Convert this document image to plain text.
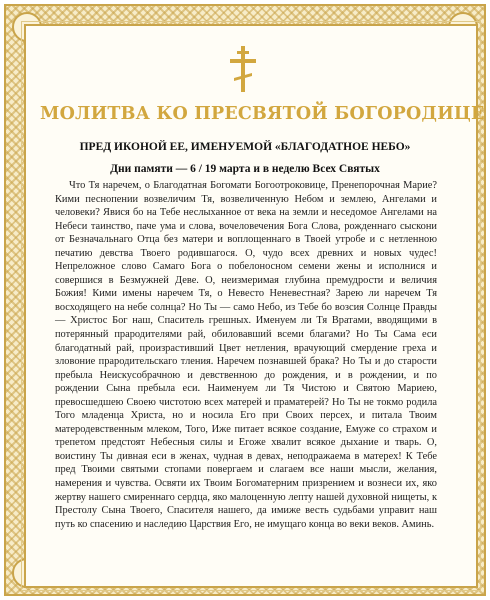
МОЛИТВА КО ПРЕСВЯТОЙ БОГОРОДИЦЕ
ПРЕД ИКОНОЙ ЕЕ, ИМЕНУЕМОЙ «БЛАГОДАТНОЕ НЕБО»
Дни памяти — 6 / 19 марта и в неделю Всех Святых

Что Тя наречем, о Благодатная Богомати Богоотроковице, Пренепорочная Марие? Кими песнопении возвеличим Тя, возвеличенную Небом и землею, Ангелами и человеки? Явися бо на Тебе неслыханное от века на земли и неседомое Ангелами на Небеси таинство, паче ума и слова, вочеловечения Бога Слова, рожденнаго сыскони от Безначальнаго Отца без матери и воплощеннаго в Твоей утробе и с нетленною печатию девства Твоего родившагося. О, чудо всех древних и новых чудес! Непреложное слово Самаго Бога о побелоносном семени жены и исполнися и совершися в Безмужней Деве. О, неизмеримая глубина премудрости и величия Божия! Кими имены наречем Тя, о Невесто Неневестная? Зарею ли наречем Тя восходящего на небе солнца? Но Ты — само Небо, из Тебе бо возсия Солнце Правды — Христос Бог наш, Спаситель грешных. Именуем ли Тя Вратами, вводящими в потерянный прародителями рай, обиловавший всеми благами? Но Ты Сама еси благодатный рай, произрастивший Цвет нетления, врачующий смердение греха и зловоние прародительскаго тления. Наречем познавшей брака? Но Ты и до старости пребыла Неискусобрачною и девственною до рождения, и в рождении, и по рождении Сына пребыла еси. Наименуем ли Тя Чистою и Святою Мариею, превосшедшею Своею чистотою всех матерей и праматерей? Но Ты не токмо родила Того младенца Христа, но и носила Его при Своих персех, и питала Твоим матеродевственным млеком, Того, Иже питает всякое создание, Емуже со страхом и трепетом предстоят Небесныя силы и Егоже хвалит всякое дыхание и тварь. О, воистину Ты дивная еси в женах, чудная в девах, неподражаема в матерех! К Тебе пред Твоими святыми стопами повергаем и слагаем все наши мысли, желания, намерения и чувства. Освяти их Твоим Богоматерним призрением и вознеси их, яко жертву нашего смиреннаго сердца, яко малоценную лепту нашей духовной нищеты, к Престолу Сына Твоего, Спасителя нашего, да имиже весть судьбами управит наш путь ко спасению и наследию Царствия Его, не имущаго конца во веки веков. Аминь.
